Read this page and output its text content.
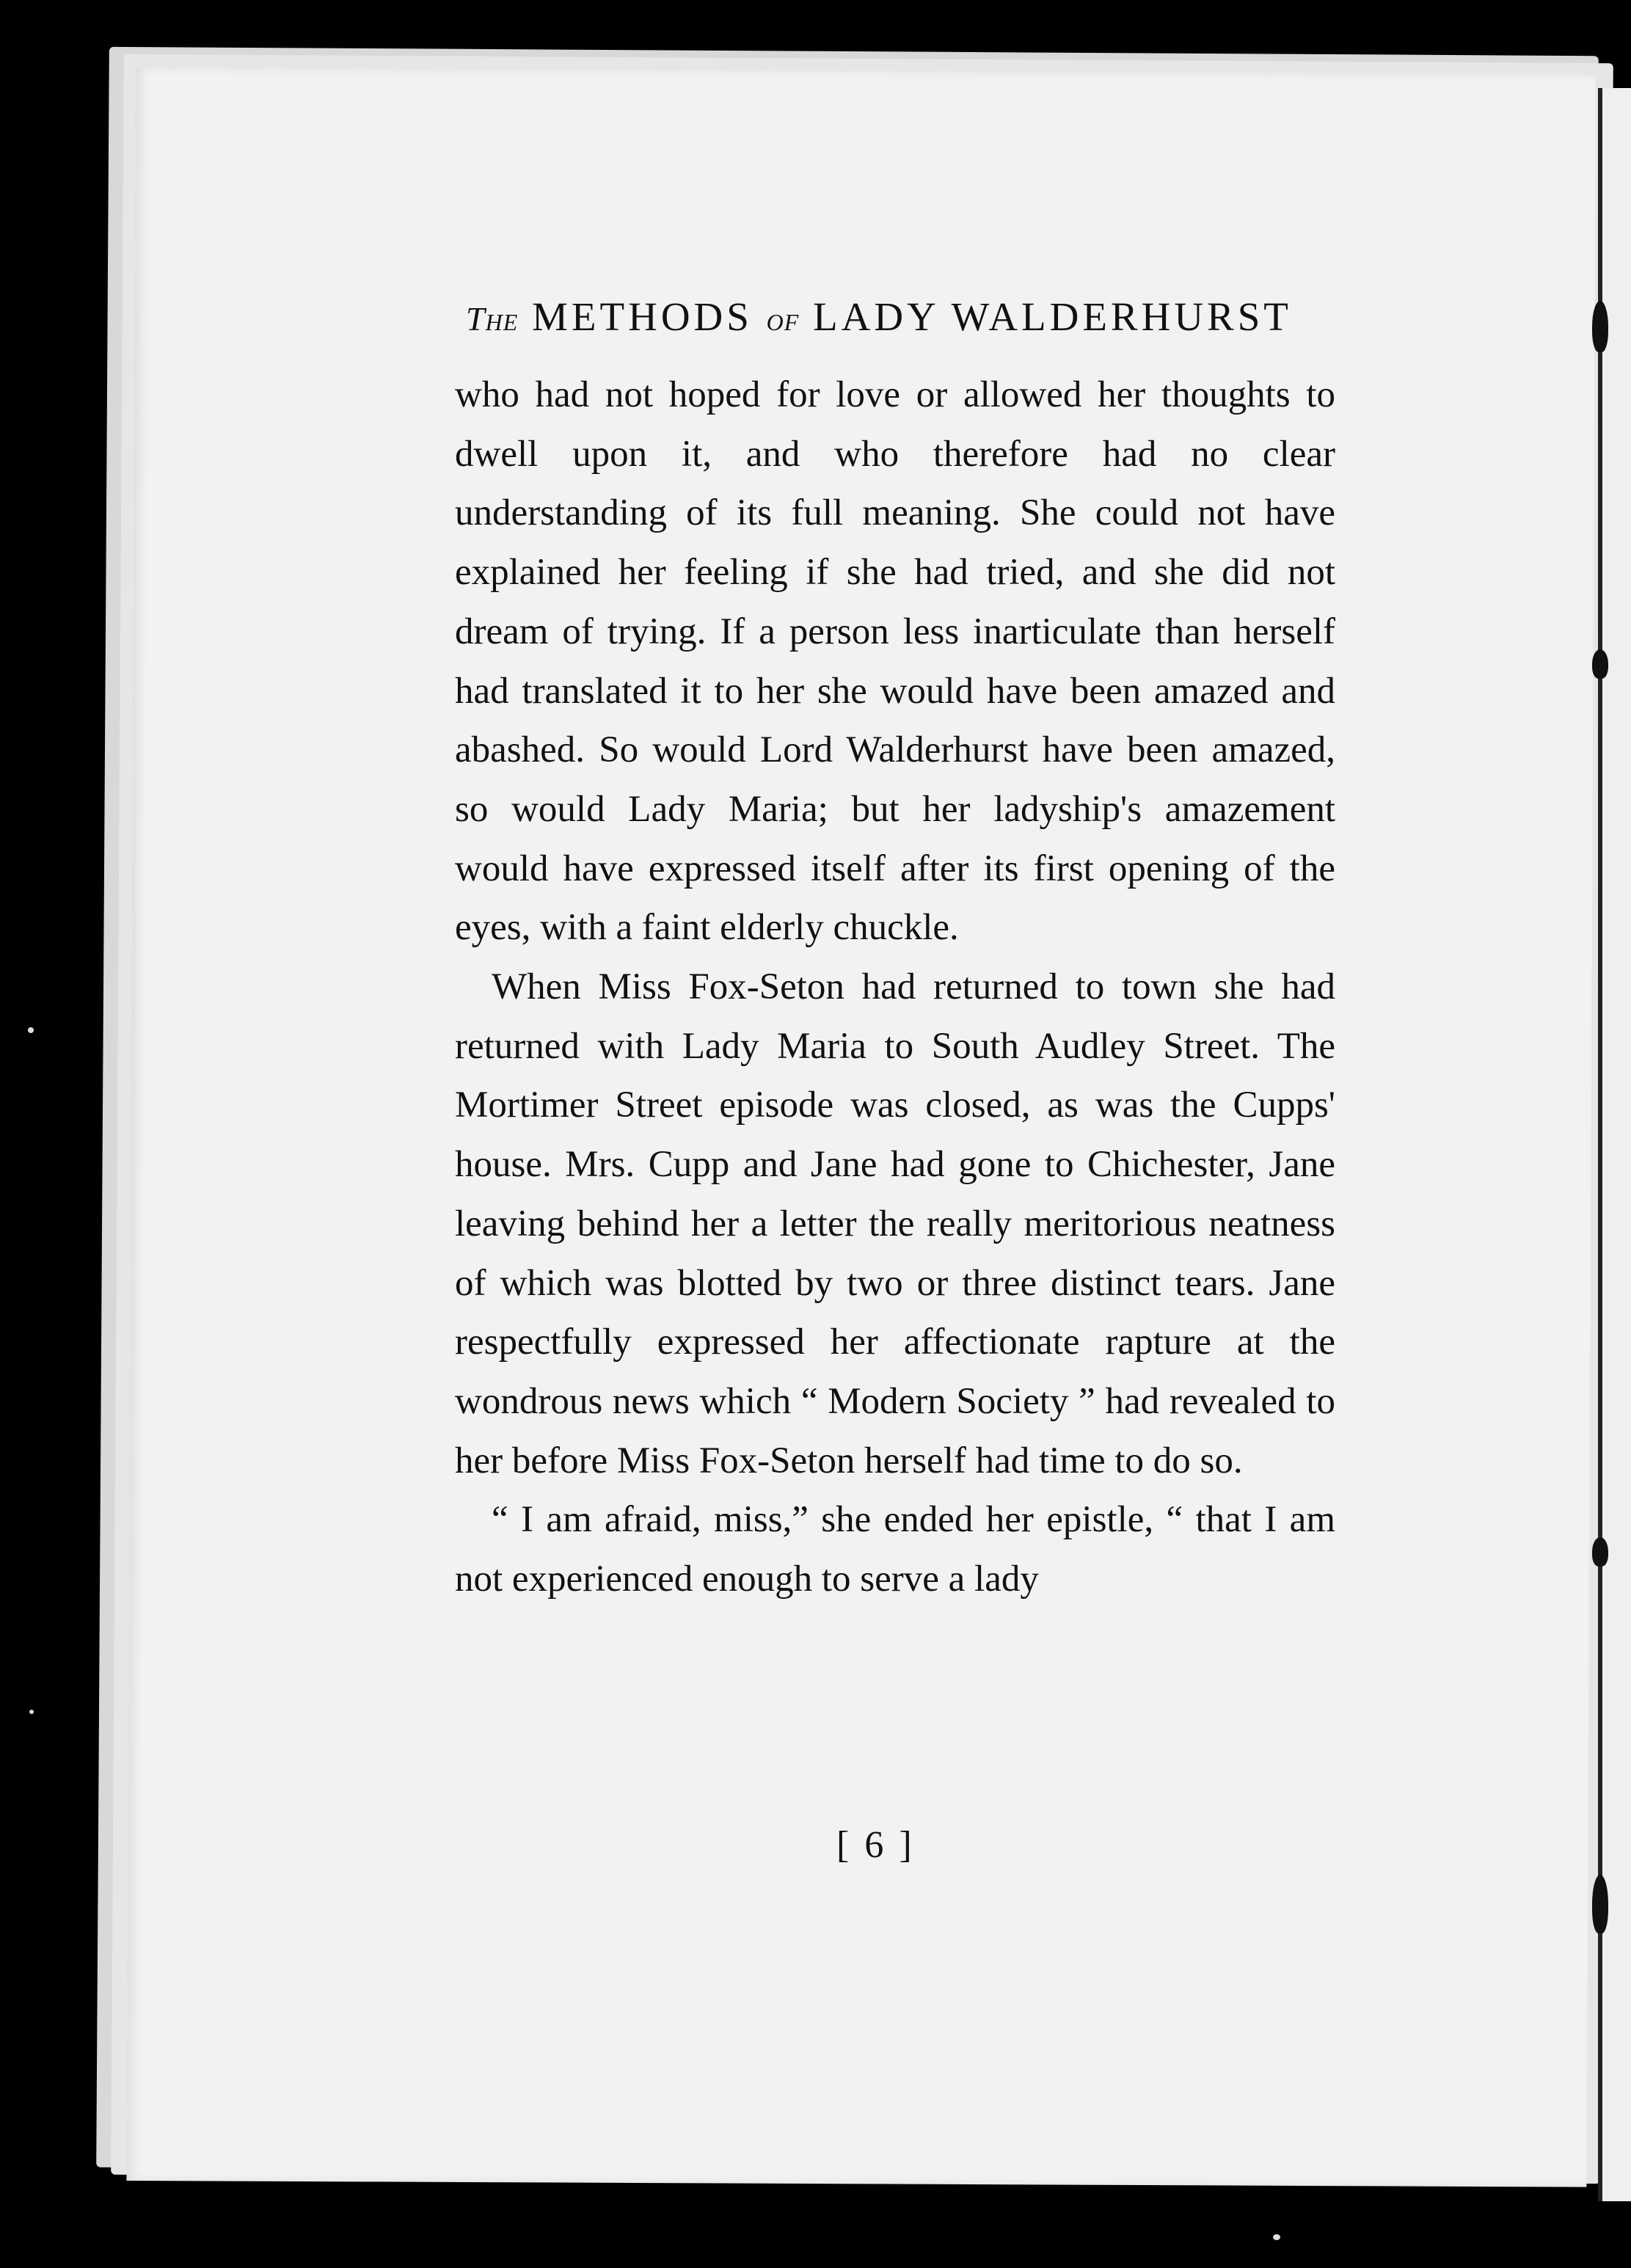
The METHODS of LADY WALDERHURST

who had not hoped for love or allowed her thoughts to dwell upon it, and who therefore had no clear understanding of its full meaning. She could not have explained her feeling if she had tried, and she did not dream of trying. If a person less inarticulate than herself had translated it to her she would have been amazed and abashed. So would Lord Walderhurst have been amazed, so would Lady Maria; but her ladyship's amazement would have expressed itself after its first opening of the eyes, with a faint elderly chuckle.

When Miss Fox-Seton had returned to town she had returned with Lady Maria to South Audley Street. The Mortimer Street episode was closed, as was the Cupps' house. Mrs. Cupp and Jane had gone to Chichester, Jane leaving behind her a letter the really meritorious neatness of which was blotted by two or three distinct tears. Jane respectfully expressed her affectionate rapture at the wondrous news which “ Modern Society ” had revealed to her before Miss Fox-Seton herself had time to do so.

“ I am afraid, miss,” she ended her epistle, “ that I am not experienced enough to serve a lady

[ 6 ]
